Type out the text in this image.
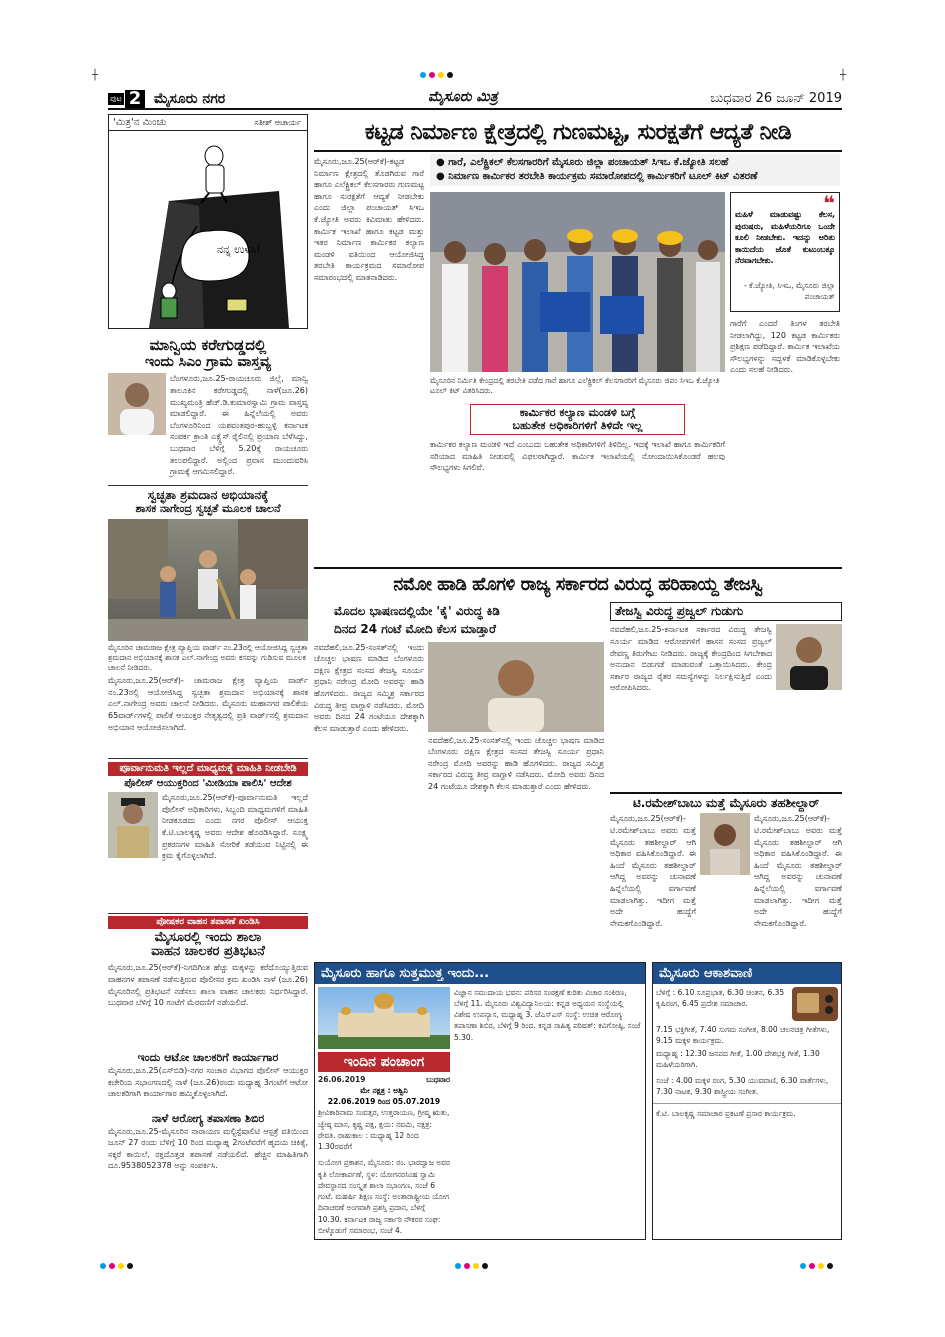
┼	┼
ಪುಟ 2 ಮೈಸೂರು ನಗರ	ಮೈಸೂರು ಮಿತ್ರ	ಬುಧವಾರ 26 ಜೂನ್ 2019
'ಮಿತ್ರ'ನ ಮಿಂಚು	ಸತೀಶ್ ಆಚಾರ್ಯ
ನನ್ನ ಉಳಿಸಿ!
ಮಾನ್ವಿಯ ಕರೇಗುಡ್ಡದಲ್ಲಿ
ಇಂದು ಸಿಎಂ ಗ್ರಾಮ ವಾಸ್ತವ್ಯ
ಬೆಂಗಳೂರು,ಜೂ.25-ರಾಯಚೂರು ಜಿಲ್ಲೆ, ಮಾನ್ವಿ ತಾಲೂಕಿನ ಕರೇಗುಡ್ಡದಲ್ಲಿ ನಾಳೆ(ಜೂ.26) ಮುಖ್ಯಮಂತ್ರಿ ಹೆಚ್.ಡಿ.ಕುಮಾರಸ್ವಾಮಿ ಗ್ರಾಮ ವಾಸ್ತವ್ಯ ಮಾಡಲಿದ್ದಾರೆ. ಈ ಹಿನ್ನೆಲೆಯಲ್ಲಿ ಅವರು ಬೆಂಗಳೂರಿನಿಂದ ಯಶವಂತಪುರ-ಹುಬ್ಬಳ್ಳಿ ಕರ್ನಾಟಕ ಸಂಪರ್ಕ ಕ್ರಾಂತಿ ಎಕ್ಸ್ಪ್ರೆಸ್ ರೈಲಿನಲ್ಲಿ ಪ್ರಯಾಣ ಬೆಳೆಸಿದ್ದು, ಬುಧವಾರ ಬೆಳಿಗ್ಗೆ 5.20ಕ್ಕೆ ರಾಯಚೂರು ತಲುಪಲಿದ್ದಾರೆ. ಅಲ್ಲಿಂದ ಪ್ರವಾಸ ಮುಂದುವರಿಸಿ ಗ್ರಾಮಕ್ಕೆ ಆಗಮಿಸಲಿದ್ದಾರೆ.
ಸ್ವಚ್ಛತಾ ಶ್ರಮದಾನ ಅಭಿಯಾನಕ್ಕೆ
ಶಾಸಕ ನಾಗೇಂದ್ರ ಸ್ವಚ್ಛತೆ ಮೂಲಕ ಚಾಲನೆ
ಮೈಸೂರಿನ ಚಾಮರಾಜ ಕ್ಷೇತ್ರ ವ್ಯಾಪ್ತಿಯ ವಾರ್ಡ್ ನಂ.23ರಲ್ಲಿ ಆಯೋಜಿಸಿದ್ದ ಸ್ವಚ್ಛತಾ ಶ್ರಮದಾನ ಅಭಿಯಾನಕ್ಕೆ ಶಾಸಕ ಎಲ್.ನಾಗೇಂದ್ರ ಅವರು ಕಸವನ್ನು ಗುಡಿಸುವ ಮೂಲಕ ಚಾಲನೆ ನೀಡಿದರು.
ಮೈಸೂರು,ಜೂ.25(ಆರ್‌ಕೆ)- ಚಾಮರಾಜ ಕ್ಷೇತ್ರ ವ್ಯಾಪ್ತಿಯ ವಾರ್ಡ್ ನಂ.23ರಲ್ಲಿ ಆಯೋಜಿಸಿದ್ದ ಸ್ವಚ್ಛತಾ ಶ್ರಮದಾನ ಅಭಿಯಾನಕ್ಕೆ ಶಾಸಕ ಎಲ್.ನಾಗೇಂದ್ರ ಅವರು ಚಾಲನೆ ನೀಡಿದರು. ಮೈಸೂರು ಮಹಾನಗರ ಪಾಲಿಕೆಯ 65ವಾರ್ಡ್‌ಗಳಲ್ಲಿ ಪಾಲಿಕೆ ಆಯುಕ್ತರ ನೇತೃತ್ವದಲ್ಲಿ ಪ್ರತಿ ವಾರ್ಡ್‌ನಲ್ಲಿ ಶ್ರಮದಾನ ಅಭಿಯಾನ ಆಯೋಜಿಸಲಾಗಿದೆ.
ಪೂರ್ವಾನುಮತಿ ಇಲ್ಲದೆ ಮಾಧ್ಯಮಕ್ಕೆ ಮಾಹಿತಿ ನೀಡಬೇಡಿ
ಪೊಲೀಸ್ ಆಯುಕ್ತರಿಂದ 'ಮೀಡಿಯಾ ಪಾಲಿಸಿ' ಆದೇಶ
ಮೈಸೂರು,ಜೂ.25(ಆರ್‌ಕೆ)-ಪೂರ್ವಾನುಮತಿ ಇಲ್ಲದೆ ಪೊಲೀಸ್ ಅಧಿಕಾರಿಗಳು, ಸಿಬ್ಬಂದಿ ಮಾಧ್ಯಮಗಳಿಗೆ ಮಾಹಿತಿ ನೀಡಕೂಡದು ಎಂದು ನಗರ ಪೊಲೀಸ್ ಆಯುಕ್ತ ಕೆ.ಟಿ.ಬಾಲಕೃಷ್ಣ ಅವರು ಆದೇಶ ಹೊರಡಿಸಿದ್ದಾರೆ. ಸೂಕ್ಷ್ಮ ಪ್ರಕರಣಗಳ ಮಾಹಿತಿ ಸೋರಿಕೆ ತಡೆಯುವ ನಿಟ್ಟಿನಲ್ಲಿ ಈ ಕ್ರಮ ಕೈಗೊಳ್ಳಲಾಗಿದೆ.
ಪೋಷಕರ ವಾಹನ ತಪಾಸಣೆ ಖಂಡಿಸಿ
ಮೈಸೂರಲ್ಲಿ ಇಂದು ಶಾಲಾ
ವಾಹನ ಚಾಲಕರ ಪ್ರತಿಭಟನೆ
ಮೈಸೂರು,ಜೂ.25(ಆರ್‌ಕೆ)-ನಿಗದಿಗಿಂತ ಹೆಚ್ಚು ಮಕ್ಕಳನ್ನು ಕರೆದೊಯ್ಯುತ್ತಿರುವ ವಾಹನಗಳ ತಪಾಸಣೆ ನಡೆಸುತ್ತಿರುವ ಪೊಲೀಸರ ಕ್ರಮ ಖಂಡಿಸಿ ನಾಳೆ (ಜೂ.26) ಮೈಸೂರಿನಲ್ಲಿ ಪ್ರತಿಭಟನೆ ನಡೆಸಲು ಶಾಲಾ ವಾಹನ ಚಾಲಕರು ನಿರ್ಧರಿಸಿದ್ದಾರೆ. ಬುಧವಾರ ಬೆಳಿಗ್ಗೆ 10 ಗಂಟೆಗೆ ಮೆರವಣಿಗೆ ನಡೆಯಲಿದೆ.
ಇಂದು ಆಟೋ ಚಾಲಕರಿಗೆ ಕಾರ್ಯಾಗಾರ
ಮೈಸೂರು,ಜೂ.25(ಎಸ್‌ಬಿಡಿ)-ನಗರ ಸಂಚಾರ ವಿಭಾಗದ ಪೊಲೀಸ್ ಆಯುಕ್ತರ ಕಚೇರಿಯ ಸಭಾಂಗಣದಲ್ಲಿ ನಾಳೆ (ಜೂ.26)ರಂದು ಮಧ್ಯಾಹ್ನ 3ಗಂಟೆಗೆ ಆಟೋ ಚಾಲಕರಿಗಾಗಿ ಕಾರ್ಯಾಗಾರ ಹಮ್ಮಿಕೊಳ್ಳಲಾಗಿದೆ.
ನಾಳೆ ಆರೋಗ್ಯ ತಪಾಸಣಾ ಶಿಬಿರ
ಮೈಸೂರು,ಜೂ.25-ಮೈಸೂರಿನ ನಾರಾಯಣ ಮಲ್ಟಿಸ್ಪೆಷಾಲಿಟಿ ಆಸ್ಪತ್ರೆ ವತಿಯಿಂದ ಜೂನ್ 27 ರಂದು ಬೆಳಿಗ್ಗೆ 10 ರಿಂದ ಮಧ್ಯಾಹ್ನ 2ಗಂಟೆವರೆಗೆ ಹೃದಯ ಚಿಕಿತ್ಸೆ, ಸಕ್ಕರೆ ಕಾಯಿಲೆ, ರಕ್ತದೊತ್ತಡ ತಪಾಸಣೆ ನಡೆಯಲಿದೆ. ಹೆಚ್ಚಿನ ಮಾಹಿತಿಗಾಗಿ ದೂ.9538052378 ಅನ್ನು ಸಂಪರ್ಕಿಸಿ.
ಕಟ್ಟಡ ನಿರ್ಮಾಣ ಕ್ಷೇತ್ರದಲ್ಲಿ ಗುಣಮಟ್ಟ, ಸುರಕ್ಷತೆಗೆ ಆದ್ಯತೆ ನೀಡಿ
ಮೈಸೂರು,ಜೂ.25(ಆರ್‌ಕೆ)-ಕಟ್ಟಡ ನಿರ್ಮಾಣ ಕ್ಷೇತ್ರದಲ್ಲಿ ತೊಡಗಿರುವ ಗಾರೆ ಹಾಗೂ ಎಲೆಕ್ಟ್ರಿಕಲ್ ಕೆಲಸಗಾರರು ಗುಣಮಟ್ಟ ಹಾಗೂ ಸುರಕ್ಷತೆಗೆ ಆದ್ಯತೆ ನೀಡಬೇಕು ಎಂದು ಜಿಲ್ಲಾ ಪಂಚಾಯತ್ ಸಿಇಒ ಕೆ.ಜ್ಯೋತಿ ಅವರು ಕಿವಿಮಾತು ಹೇಳಿದರು. ಕಾರ್ಮಿಕ ಇಲಾಖೆ ಹಾಗೂ ಕಟ್ಟಡ ಮತ್ತು ಇತರ ನಿರ್ಮಾಣ ಕಾರ್ಮಿಕರ ಕಲ್ಯಾಣ ಮಂಡಳಿ ವತಿಯಿಂದ ಆಯೋಜಿಸಿದ್ದ ತರಬೇತಿ ಕಾರ್ಯಕ್ರಮದ ಸಮಾರೋಪ ಸಮಾರಂಭದಲ್ಲಿ ಮಾತನಾಡಿದರು.
● ಗಾರೆ, ಎಲೆಕ್ಟ್ರಿಕಲ್ ಕೆಲಸಗಾರರಿಗೆ ಮೈಸೂರು ಜಿಲ್ಲಾ ಪಂಚಾಯತ್ ಸಿಇಒ ಕೆ.ಜ್ಯೋತಿ ಸಲಹೆ
● ನಿರ್ಮಾಣ ಕಾರ್ಮಿಕರ ತರಬೇತಿ ಕಾರ್ಯಕ್ರಮ ಸಮಾರೋಪದಲ್ಲಿ ಕಾರ್ಮಿಕರಿಗೆ ಟೂಲ್ ಕಿಟ್ ವಿತರಣೆ
❝
ಮಹಿಳೆ ಮಾಡುವಷ್ಟು ಕೆಲಸ, ಪುರುಷರು, ಮಹಿಳೆಯರಿಗೂ ಒಂದೇ ಕೂಲಿ ನೀಡಬೇಕು. ಇದನ್ನು ಅರಿತು ಕಾಯಿದೆಯ ಜೊತೆ ಕುಟುಂಬಕ್ಕೂ ನೆರವಾಗಬೇಕು.
- ಕೆ.ಜ್ಯೋತಿ, ಸಿಇಒ, ಮೈಸೂರು ಜಿಲ್ಲಾ ಪಂಚಾಯತ್
ಮೈಸೂರಿನ ನಿರ್ಮಿತಿ ಕೇಂದ್ರದಲ್ಲಿ ತರಬೇತಿ ಪಡೆದ ಗಾರೆ ಹಾಗೂ ಎಲೆಕ್ಟ್ರಿಕಲ್ ಕೆಲಸಗಾರರಿಗೆ ಮೈಸೂರು ಜಿಪಂ ಸಿಇಒ ಕೆ.ಜ್ಯೋತಿ ಟೂಲ್ ಕಿಟ್ ವಿತರಿಸಿದರು.
ಗಾರೆಗೆ ಎಂದರೆ ತಿಂಗಳ ತರಬೇತಿ ನೀಡಲಾಗಿದ್ದು, 120 ಕಟ್ಟಡ ಕಾರ್ಮಿಕರು ಪ್ರಶಿಕ್ಷಣ ಪಡೆದಿದ್ದಾರೆ. ಕಾರ್ಮಿಕ ಇಲಾಖೆಯ ಸೌಲಭ್ಯಗಳನ್ನು ಸದ್ಬಳಕೆ ಮಾಡಿಕೊಳ್ಳಬೇಕು ಎಂದು ಸಲಹೆ ನೀಡಿದರು.
ಕಾರ್ಮಿಕರ ಕಲ್ಯಾಣ ಮಂಡಳಿ ಬಗ್ಗೆ
ಬಹುತೇಕ ಅಧಿಕಾರಿಗಳಿಗೆ ತಿಳಿದೇ ಇಲ್ಲ
ಕಾರ್ಮಿಕರ ಕಲ್ಯಾಣ ಮಂಡಳಿ ಇದೆ ಎಂಬುದು ಬಹುತೇಕ ಅಧಿಕಾರಿಗಳಿಗೆ ತಿಳಿದಿಲ್ಲ. ಇದಕ್ಕೆ ಇಲಾಖೆ ಹಾಗೂ ಕಾರ್ಮಿಕರಿಗೆ ಸರಿಯಾದ ಮಾಹಿತಿ ನೀಡುವಲ್ಲಿ ವಿಫಲರಾಗಿದ್ದಾರೆ. ಕಾರ್ಮಿಕ ಇಲಾಖೆಯಲ್ಲಿ ನೋಂದಾಯಿಸಿಕೊಂಡರೆ ಹಲವು ಸೌಲಭ್ಯಗಳು ಸಿಗಲಿವೆ.
ನಮೋ ಹಾಡಿ ಹೊಗಳಿ ರಾಜ್ಯ ಸರ್ಕಾರದ ವಿರುದ್ಧ ಹರಿಹಾಯ್ದ ತೇಜಸ್ವಿ
ಮೊದಲ ಭಾಷಣದಲ್ಲಿಯೇ 'ಕೈ' ವಿರುದ್ಧ ಕಿಡಿ
ದಿನದ 24 ಗಂಟೆ ಮೋದಿ ಕೆಲಸ ಮಾಡ್ತಾರೆ
ನವದೆಹಲಿ,ಜೂ.25-ಸಂಸತ್‌ನಲ್ಲಿ ಇಂದು ಚೊಚ್ಚಲ ಭಾಷಣ ಮಾಡಿದ ಬೆಂಗಳೂರು ದಕ್ಷಿಣ ಕ್ಷೇತ್ರದ ಸಂಸದ ತೇಜಸ್ವಿ ಸೂರ್ಯ ಪ್ರಧಾನಿ ನರೇಂದ್ರ ಮೋದಿ ಅವರನ್ನು ಹಾಡಿ ಹೊಗಳಿದರು. ರಾಜ್ಯದ ಸಮ್ಮಿಶ್ರ ಸರ್ಕಾರದ ವಿರುದ್ಧ ತೀವ್ರ ವಾಗ್ದಾಳಿ ನಡೆಸಿದರು. ಮೋದಿ ಅವರು ದಿನದ 24 ಗಂಟೆಯೂ ದೇಶಕ್ಕಾಗಿ ಕೆಲಸ ಮಾಡುತ್ತಾರೆ ಎಂದು ಹೇಳಿದರು.
ನವದೆಹಲಿ,ಜೂ.25-ಸಂಸತ್‌ನಲ್ಲಿ ಇಂದು ಚೊಚ್ಚಲ ಭಾಷಣ ಮಾಡಿದ ಬೆಂಗಳೂರು ದಕ್ಷಿಣ ಕ್ಷೇತ್ರದ ಸಂಸದ ತೇಜಸ್ವಿ ಸೂರ್ಯ ಪ್ರಧಾನಿ ನರೇಂದ್ರ ಮೋದಿ ಅವರನ್ನು ಹಾಡಿ ಹೊಗಳಿದರು. ರಾಜ್ಯದ ಸಮ್ಮಿಶ್ರ ಸರ್ಕಾರದ ವಿರುದ್ಧ ತೀವ್ರ ವಾಗ್ದಾಳಿ ನಡೆಸಿದರು. ಮೋದಿ ಅವರು ದಿನದ 24 ಗಂಟೆಯೂ ದೇಶಕ್ಕಾಗಿ ಕೆಲಸ ಮಾಡುತ್ತಾರೆ ಎಂದು ಹೇಳಿದರು.
ತೇಜಸ್ವಿ ವಿರುದ್ಧ ಪ್ರಜ್ವಲ್ ಗುಡುಗು
ನವದೆಹಲಿ,ಜೂ.25-ಕರ್ನಾಟಕ ಸರ್ಕಾರದ ವಿರುದ್ಧ ತೇಜಸ್ವಿ ಸೂರ್ಯ ಮಾಡಿದ ಆರೋಪಗಳಿಗೆ ಹಾಸನ ಸಂಸದ ಪ್ರಜ್ವಲ್ ರೇವಣ್ಣ ತಿರುಗೇಟು ನೀಡಿದರು. ರಾಜ್ಯಕ್ಕೆ ಕೇಂದ್ರದಿಂದ ಸಿಗಬೇಕಾದ ಅನುದಾನ ಬಿಡುಗಡೆ ಮಾಡುವಂತೆ ಒತ್ತಾಯಿಸಿದರು. ಕೇಂದ್ರ ಸರ್ಕಾರ ರಾಜ್ಯದ ರೈತರ ಸಮಸ್ಯೆಗಳನ್ನು ನಿರ್ಲಕ್ಷಿಸುತ್ತಿದೆ ಎಂದು ಆರೋಪಿಸಿದರು.
ಟಿ.ರಮೇಶ್‌ಬಾಬು ಮತ್ತೆ ಮೈಸೂರು ತಹಶೀಲ್ದಾರ್
ಮೈಸೂರು,ಜೂ.25(ಆರ್‌ಕೆ)- ಟಿ.ರಮೇಶ್‌ಬಾಬು ಅವರು ಮತ್ತೆ ಮೈಸೂರು ತಹಶೀಲ್ದಾರ್ ಆಗಿ ಅಧಿಕಾರ ವಹಿಸಿಕೊಂಡಿದ್ದಾರೆ. ಈ ಹಿಂದೆ ಮೈಸೂರು ತಹಶೀಲ್ದಾರ್ ಆಗಿದ್ದ ಅವರನ್ನು ಚುನಾವಣೆ ಹಿನ್ನೆಲೆಯಲ್ಲಿ ವರ್ಗಾವಣೆ ಮಾಡಲಾಗಿತ್ತು. ಇದೀಗ ಮತ್ತೆ ಅದೇ ಹುದ್ದೆಗೆ ನೇಮಕಗೊಂಡಿದ್ದಾರೆ.
ಮೈಸೂರು,ಜೂ.25(ಆರ್‌ಕೆ)- ಟಿ.ರಮೇಶ್‌ಬಾಬು ಅವರು ಮತ್ತೆ ಮೈಸೂರು ತಹಶೀಲ್ದಾರ್ ಆಗಿ ಅಧಿಕಾರ ವಹಿಸಿಕೊಂಡಿದ್ದಾರೆ. ಈ ಹಿಂದೆ ಮೈಸೂರು ತಹಶೀಲ್ದಾರ್ ಆಗಿದ್ದ ಅವರನ್ನು ಚುನಾವಣೆ ಹಿನ್ನೆಲೆಯಲ್ಲಿ ವರ್ಗಾವಣೆ ಮಾಡಲಾಗಿತ್ತು. ಇದೀಗ ಮತ್ತೆ ಅದೇ ಹುದ್ದೆಗೆ ನೇಮಕಗೊಂಡಿದ್ದಾರೆ.
ಮೈಸೂರು ಹಾಗೂ ಸುತ್ತಮುತ್ತ ಇಂದು...
ಇಂದಿನ ಪಂಚಾಂಗ
26.06.2019	ಬುಧವಾರ
ಮೇ ನಕ್ಷತ್ರ : ಅಶ್ವಿನಿ
22.06.2019 ರಿಂದ 05.07.2019
ಶ್ರೀವಿಕಾರಿನಾಮ ಸಂವತ್ಸರ, ಉತ್ತರಾಯಣ, ಗ್ರೀಷ್ಮ ಋತು, ಜ್ಯೇಷ್ಠ ಮಾಸ, ಕೃಷ್ಣ ಪಕ್ಷ, ಕ್ಷಯ: ನವಮಿ, ನಕ್ಷತ್ರ: ರೇವತಿ. ರಾಹುಕಾಲ : ಮಧ್ಯಾಹ್ನ 12 ರಿಂದ 1.30ರವರೆಗೆ
ಸುಯೋಗ ಪ್ರಕಾಶನ, ಮೈಸೂರು: ರಂ. ಭಾರದ್ವಾಜ ಅವರ ಕೃತಿ ಲೋಕಾರ್ಪಣೆ, ಸ್ಥಳ: ಯೋಗನರಸಿಂಹ ಸ್ವಾಮಿ ದೇವಸ್ಥಾನದ ಸಂಸ್ಕೃತ ಶಾಲಾ ಸಭಾಂಗಣ, ಸಂಜೆ 6 ಗಂಟೆ. ಮಹರ್ಷಿ ಶಿಕ್ಷಣ ಸಂಸ್ಥೆ: ಅಂತಾರಾಷ್ಟ್ರೀಯ ಯೋಗ ದಿನಾಚರಣೆ ಅಂಗವಾಗಿ ಪ್ರಶಸ್ತಿ ಪ್ರದಾನ, ಬೆಳಿಗ್ಗೆ 10.30. ಕರ್ನಾಟಕ ರಾಜ್ಯ ಸರ್ಕಾರಿ ನೌಕರರ ಸಂಘ: ಬೀಳ್ಕೊಡುಗೆ ಸಮಾರಂಭ, ಸಂಜೆ 4.
ವಿಜ್ಞಾನ ಸಮುದಾಯ ಭವನ: ಪರಿಸರ ಸಂರಕ್ಷಣೆ ಕುರಿತು ವಿಚಾರ ಸಂಕಿರಣ, ಬೆಳಿಗ್ಗೆ 11. ಮೈಸೂರು ವಿಶ್ವವಿದ್ಯಾನಿಲಯ: ಕನ್ನಡ ಅಧ್ಯಯನ ಸಂಸ್ಥೆಯಲ್ಲಿ ವಿಶೇಷ ಉಪನ್ಯಾಸ, ಮಧ್ಯಾಹ್ನ 3. ಜೆಎಸ್‌ಎಸ್ ಸಂಸ್ಥೆ: ಉಚಿತ ಆರೋಗ್ಯ ತಪಾಸಣಾ ಶಿಬಿರ, ಬೆಳಿಗ್ಗೆ 9 ರಿಂದ. ಕನ್ನಡ ಸಾಹಿತ್ಯ ಪರಿಷತ್: ಕವಿಗೋಷ್ಠಿ, ಸಂಜೆ 5.30.
ಮೈಸೂರು ಆಕಾಶವಾಣಿ
ಬೆಳಿಗ್ಗೆ : 6.10 ಸೂಪ್ರಭಾತ, 6.30 ಚಿಂತನ, 6.35 ಕೃಷಿರಂಗ, 6.45 ಪ್ರದೇಶ ಸಮಾಚಾರ.
7.15 ಭಕ್ತಿಗೀತೆ, 7.40 ಸುಗಮ ಸಂಗೀತ, 8.00 ಚಲನಚಿತ್ರ ಗೀತೆಗಳು, 9.15 ಮಕ್ಕಳ ಕಾರ್ಯಕ್ರಮ.
ಮಧ್ಯಾಹ್ನ : 12.30 ಜನಪದ ಗೀತೆ, 1.00 ದೇಶಭಕ್ತಿ ಗೀತೆ, 1.30 ಮಹಿಳೆಯರಿಗಾಗಿ.
ಸಂಜೆ : 4.00 ಮಕ್ಕಳ ರಂಗ, 5.30 ಯುವವಾಣಿ, 6.30 ವಾರ್ತೆಗಳು, 7.30 ನಾಟಕ, 9.30 ಶಾಸ್ತ್ರೀಯ ಸಂಗೀತ.
ಕೆ.ಟಿ. ಬಾಲಕೃಷ್ಣ ಸಮಾಚಾರ ಪ್ರಕಟಣೆ ಪ್ರಸಾರ ಕಾರ್ಯಕ್ರಮ.
